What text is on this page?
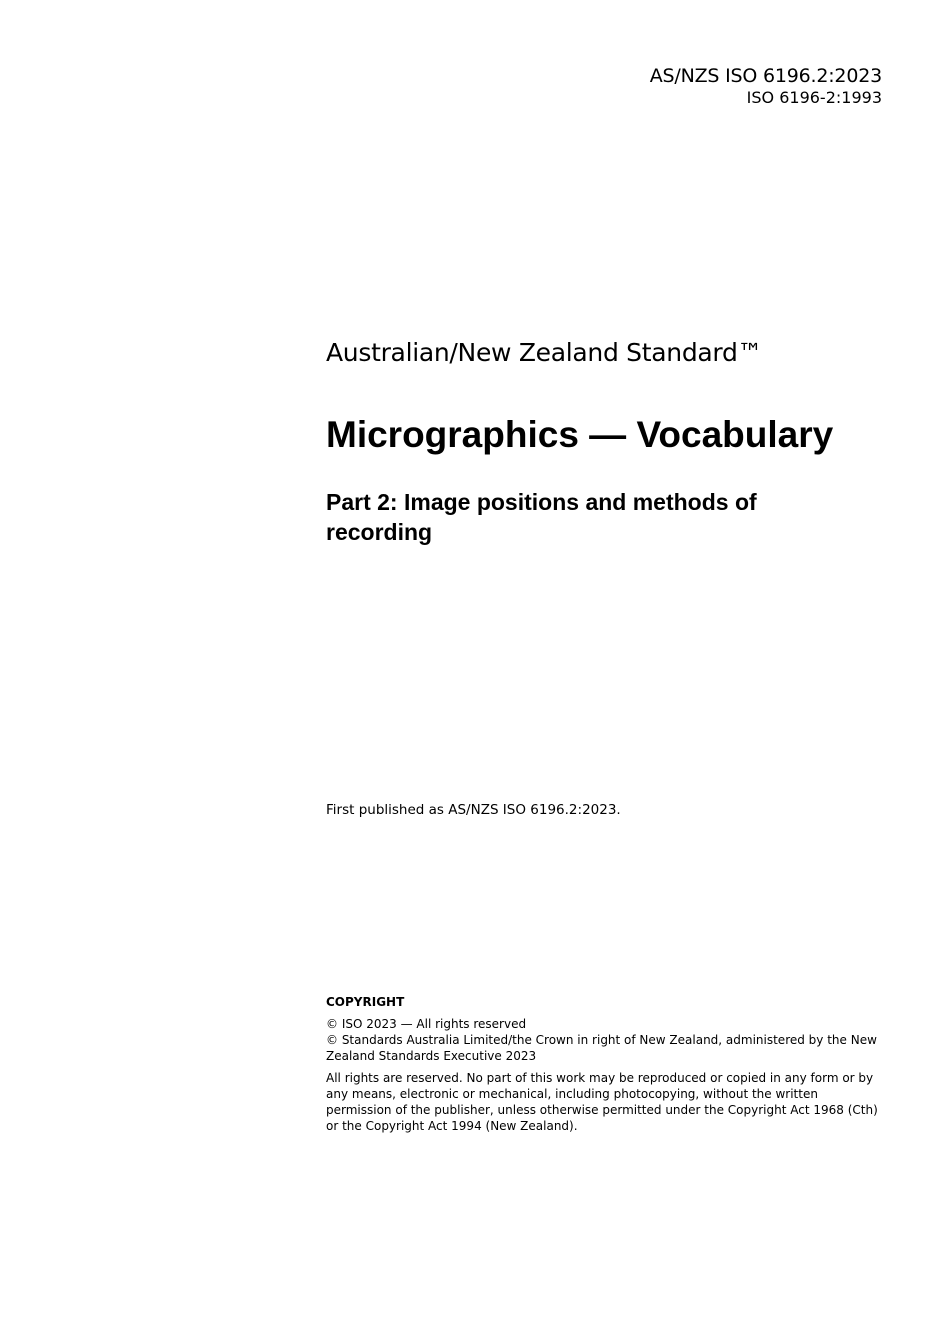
AS/NZS ISO 6196.2:2023
ISO 6196-2:1993

Australian/New Zealand Standard™

Micrographics — Vocabulary
Part 2: Image positions and methods of recording
First published as AS/NZS ISO 6196.2:2023.

COPYRIGHT

© ISO 2023 — All rights reserved

© Standards Australia Limited/the Crown in right of New Zealand, administered by the New Zealand Standards Executive 2023

All rights are reserved. No part of this work may be reproduced or copied in any form or by any means, electronic or mechanical, including photocopying, without the written permission of the publisher, unless otherwise permitted under the Copyright Act 1968 (Cth) or the Copyright Act 1994 (New Zealand).
